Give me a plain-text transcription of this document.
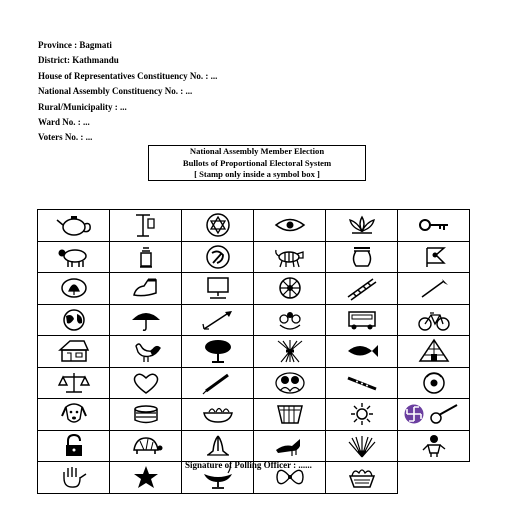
Province : Bagmati
District: Kathmandu
House of Representatives Constituency No. : ...
National Assembly Constituency No. : ...
Rural/Municipality : ...
Ward No. : ...
Voters No. : ...
National Assembly Member Election
Bullots of Proportional Electoral System
[ Stamp only inside a symbol box ]

Signature of Polling Officer : ......
